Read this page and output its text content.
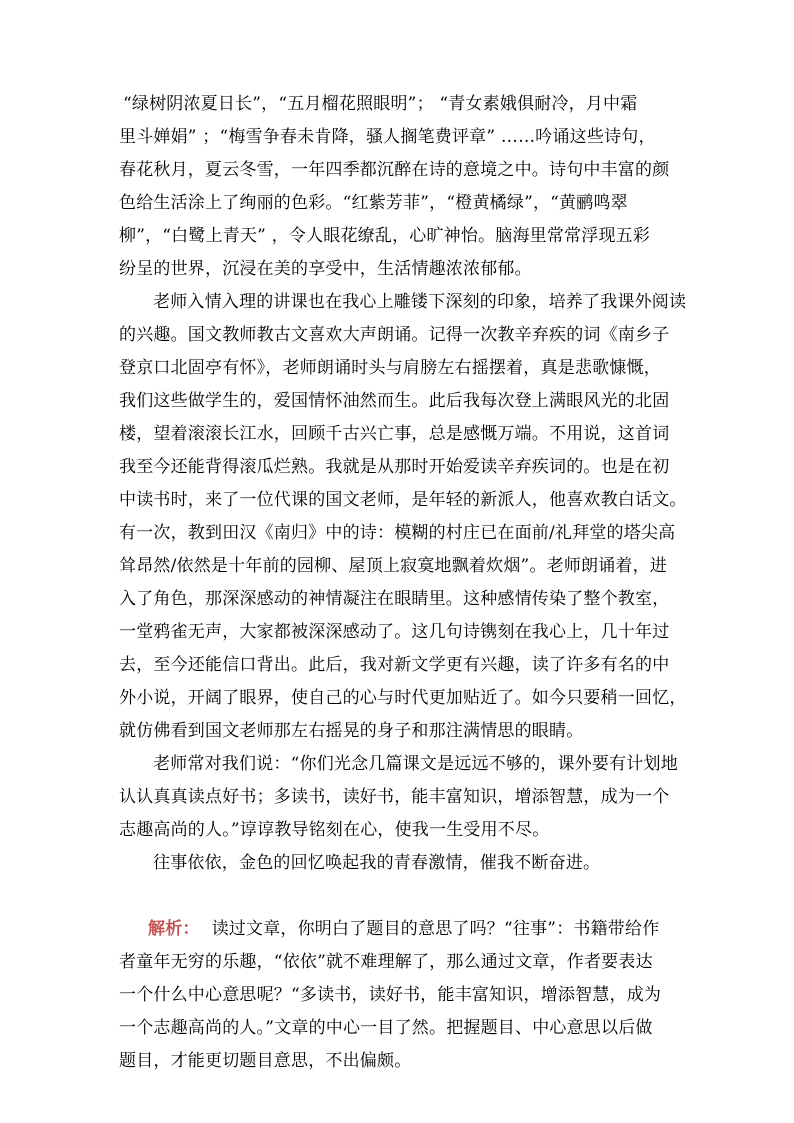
“绿树阴浓夏日长”，“五月榴花照眼明”； “青女素娥俱耐冷，月中霜
里斗婵娟” ；“梅雪争春未肯降，骚人搁笔费评章” ……吟诵这些诗句，
春花秋月，夏云冬雪，一年四季都沉醉在诗的意境之中。诗句中丰富的颜
色给生活涂上了绚丽的色彩。“红紫芳菲”，“橙黄橘绿”，“黄鹂鸣翠
柳”，“白鹭上青天” ，令人眼花缭乱，心旷神怡。脑海里常常浮现五彩
纷呈的世界，沉浸在美的享受中，生活情趣浓浓郁郁。
老师入情入理的讲课也在我心上雕镂下深刻的印象，培养了我课外阅读
的兴趣。国文教师教古文喜欢大声朗诵。记得一次教辛弃疾的词《南乡子
登京口北固亭有怀》，老师朗诵时头与肩膀左右摇摆着，真是悲歌慷慨，
我们这些做学生的，爱国情怀油然而生。此后我每次登上满眼风光的北固
楼，望着滚滚长江水，回顾千古兴亡事，总是感慨万端。不用说，这首词
我至今还能背得滚瓜烂熟。我就是从那时开始爱读辛弃疾词的。也是在初
中读书时，来了一位代课的国文老师，是年轻的新派人，他喜欢教白话文。
有一次，教到田汉《南归》中的诗：模糊的村庄已在面前/礼拜堂的塔尖高
耸昂然/依然是十年前的园柳、屋顶上寂寞地飘着炊烟”。老师朗诵着，进
入了角色，那深深感动的神情凝注在眼睛里。这种感情传染了整个教室，
一堂鸦雀无声，大家都被深深感动了。这几句诗镌刻在我心上，几十年过
去，至今还能信口背出。此后，我对新文学更有兴趣，读了许多有名的中
外小说，开阔了眼界，使自己的心与时代更加贴近了。如今只要稍一回忆，
就仿佛看到国文老师那左右摇晃的身子和那注满情思的眼睛。
老师常对我们说：“你们光念几篇课文是远远不够的，课外要有计划地
认认真真读点好书；多读书，读好书，能丰富知识，增添智慧，成为一个
志趣高尚的人。”谆谆教导铭刻在心，使我一生受用不尽。
往事依依，金色的回忆唤起我的青春激情，催我不断奋进。
解析： 读过文章，你明白了题目的意思了吗？“往事”：书籍带给作
者童年无穷的乐趣，“依依”就不难理解了，那么通过文章，作者要表达
一个什么中心意思呢？“多读书，读好书，能丰富知识，增添智慧，成为
一个志趣高尚的人。”文章的中心一目了然。把握题目、中心意思以后做
题目，才能更切题目意思，不出偏颇。
